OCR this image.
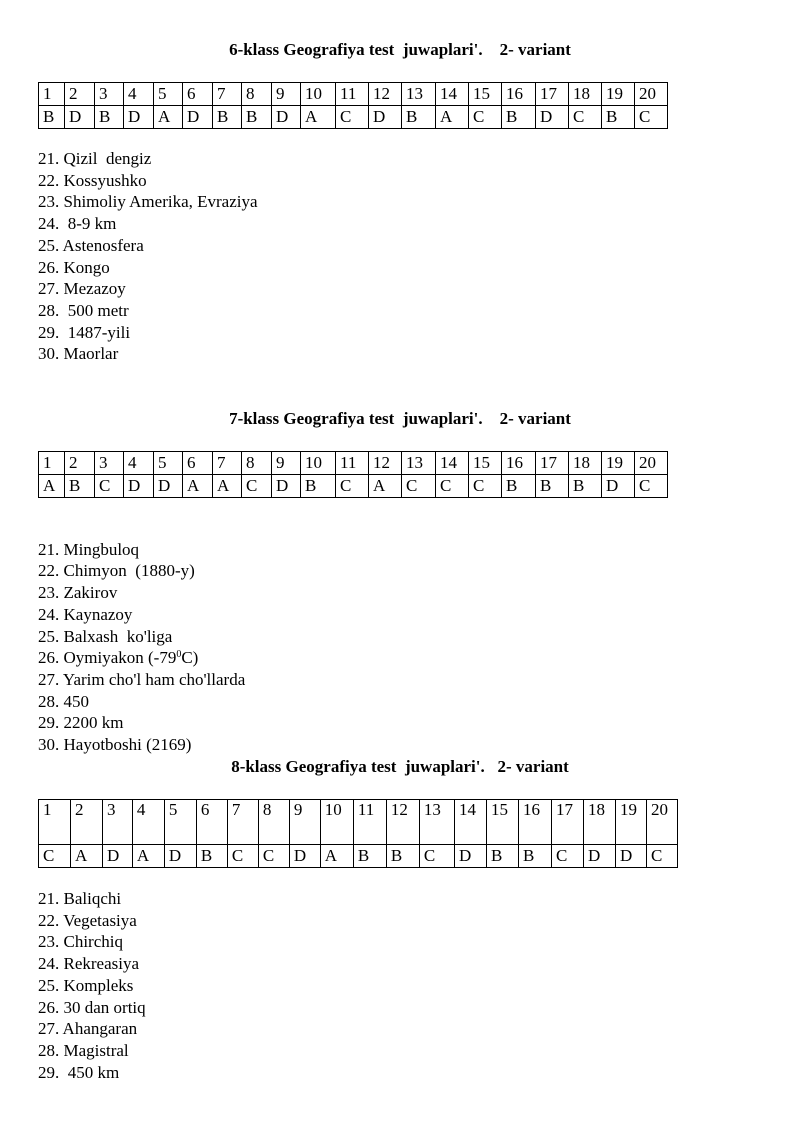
6-klass Geografiya test  juwaplari'.    2- variant
1	2	3	4	5	6	7	8	9	10	11	12	13	14	15	16	17	18	19	20
B	D	B	D	A	D	B	B	D	A	C	D	B	A	C	B	D	C	B	C
21. Qizil  dengiz
22. Kossyushko
23. Shimoliy Amerika, Evraziya
24.  8-9 km
25. Astenosfera
26. Kongo
27. Mezazoy
28.  500 metr
29.  1487-yili
30. Maorlar
7-klass Geografiya test  juwaplari'.    2- variant
1	2	3	4	5	6	7	8	9	10	11	12	13	14	15	16	17	18	19	20
A	B	C	D	D	A	A	C	D	B	C	A	C	C	C	B	B	B	D	C

21. Mingbuloq
22. Chimyon  (1880-y)
23. Zakirov
24. Kaynazoy
25. Balxash  ko'liga
26. Oymiyakon $(-79^0C)$
27. Yarim cho'l ham cho'llarda
28. 450
29. 2200 km
30. Hayotboshi (2169)
8-klass Geografiya test  juwaplari'.   2- variant
1	2	3	4	5	6	7	8	9	10	11	12	13	14	15	16	17	18	19	20
C	A	D	A	D	B	C	C	D	A	B	B	C	D	B	B	C	D	D	C
21. Baliqchi
22. Vegetasiya
23. Chirchiq
24. Rekreasiya
25. Kompleks
26. 30 dan ortiq
27. Ahangaran
28. Magistral
29.  450 km
